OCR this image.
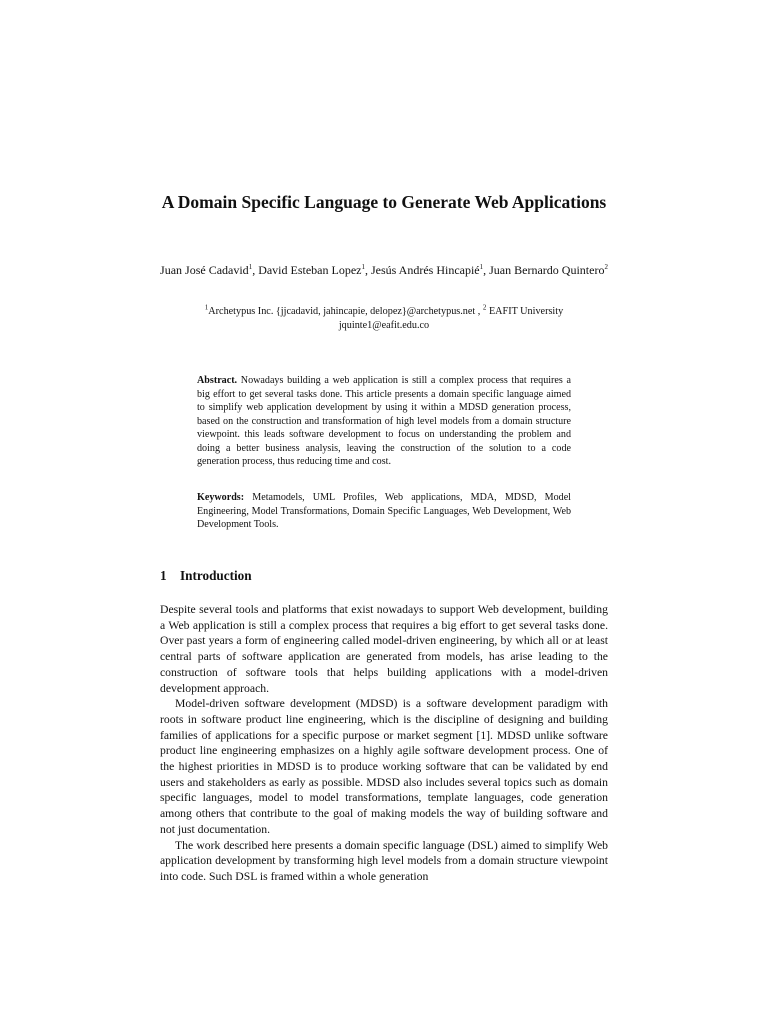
A Domain Specific Language to Generate Web Applications
Juan José Cadavid$^1$, David Esteban Lopez$^1$, Jesús Andrés Hincapié$^1$, Juan Bernardo Quintero$^2$
$^1$Archetypus Inc. {jjcadavid, jahincapie, delopez}@archetypus.net , $^2$ EAFIT University
jquinte1@eafit.edu.co
Abstract. Nowadays building a web application is still a complex process that requires a big effort to get several tasks done. This article presents a domain specific language aimed to simplify web application development by using it within a MDSD generation process, based on the construction and transformation of high level models from a domain structure viewpoint. this leads software development to focus on understanding the problem and doing a better business analysis, leaving the construction of the solution to a code generation process, thus reducing time and cost.
Keywords: Metamodels, UML Profiles, Web applications, MDA, MDSD, Model Engineering, Model Transformations, Domain Specific Languages, Web Development, Web Development Tools.
1 Introduction

Despite several tools and platforms that exist nowadays to support Web development, building a Web application is still a complex process that requires a big effort to get several tasks done. Over past years a form of engineering called model-driven engineering, by which all or at least central parts of software application are generated from models, has arise leading to the construction of software tools that helps building applications with a model-driven development approach.

Model-driven software development (MDSD) is a software development paradigm with roots in software product line engineering, which is the discipline of designing and building families of applications for a specific purpose or market segment [1]. MDSD unlike software product line engineering emphasizes on a highly agile software development process. One of the highest priorities in MDSD is to produce working software that can be validated by end users and stakeholders as early as possible. MDSD also includes several topics such as domain specific languages, model to model transformations, template languages, code generation among others that contribute to the goal of making models the way of building software and not just documentation.

The work described here presents a domain specific language (DSL) aimed to simplify Web application development by transforming high level models from a domain structure viewpoint into code. Such DSL is framed within a whole generation
